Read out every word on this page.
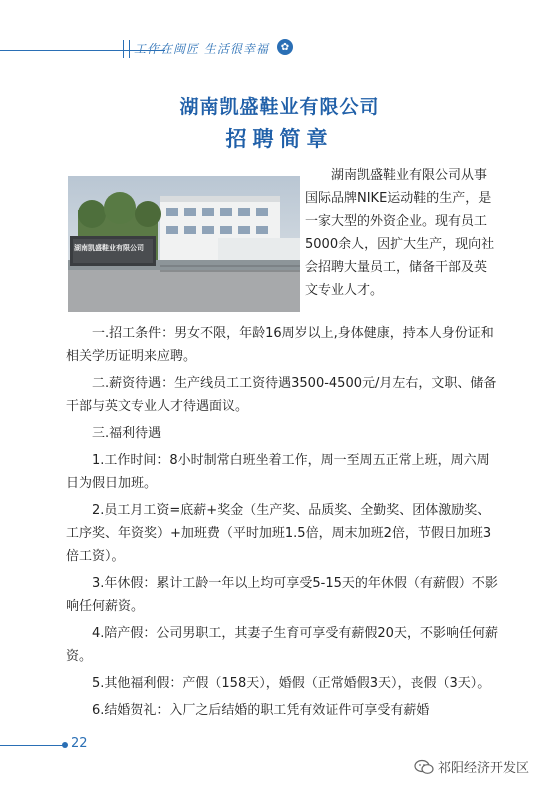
工作在闽匠 生活很幸福	✿
湖南凯盛鞋业有限公司
招聘简章
湖南凯盛鞋业有限公司

湖南凯盛鞋业有限公司从事国际品牌NIKE运动鞋的生产，是一家大型的外资企业。现有员工5000余人，因扩大生产，现向社会招聘大量员工，储备干部及英文专业人才。

一.招工条件：男女不限，年龄16周岁以上,身体健康，持本人身份证和相关学历证明来应聘。

二.薪资待遇：生产线员工工资待遇3500-4500元/月左右，文职、储备干部与英文专业人才待遇面议。

三.福利待遇

1.工作时间：8小时制常白班坐着工作，周一至周五正常上班，周六周日为假日加班。

2.员工月工资=底薪+奖金（生产奖、品质奖、全勤奖、团体激励奖、工序奖、年资奖）+加班费（平时加班1.5倍，周末加班2倍，节假日加班3倍工资）。

3.年休假：累计工龄一年以上均可享受5-15天的年休假（有薪假）不影响任何薪资。

4.陪产假：公司男职工，其妻子生育可享受有薪假20天，不影响任何薪资。

5.其他福利假：产假（158天），婚假（正常婚假3天），丧假（3天）。

6.结婚贺礼：入厂之后结婚的职工凭有效证件可享受有薪婚

22
祁阳经济开发区
